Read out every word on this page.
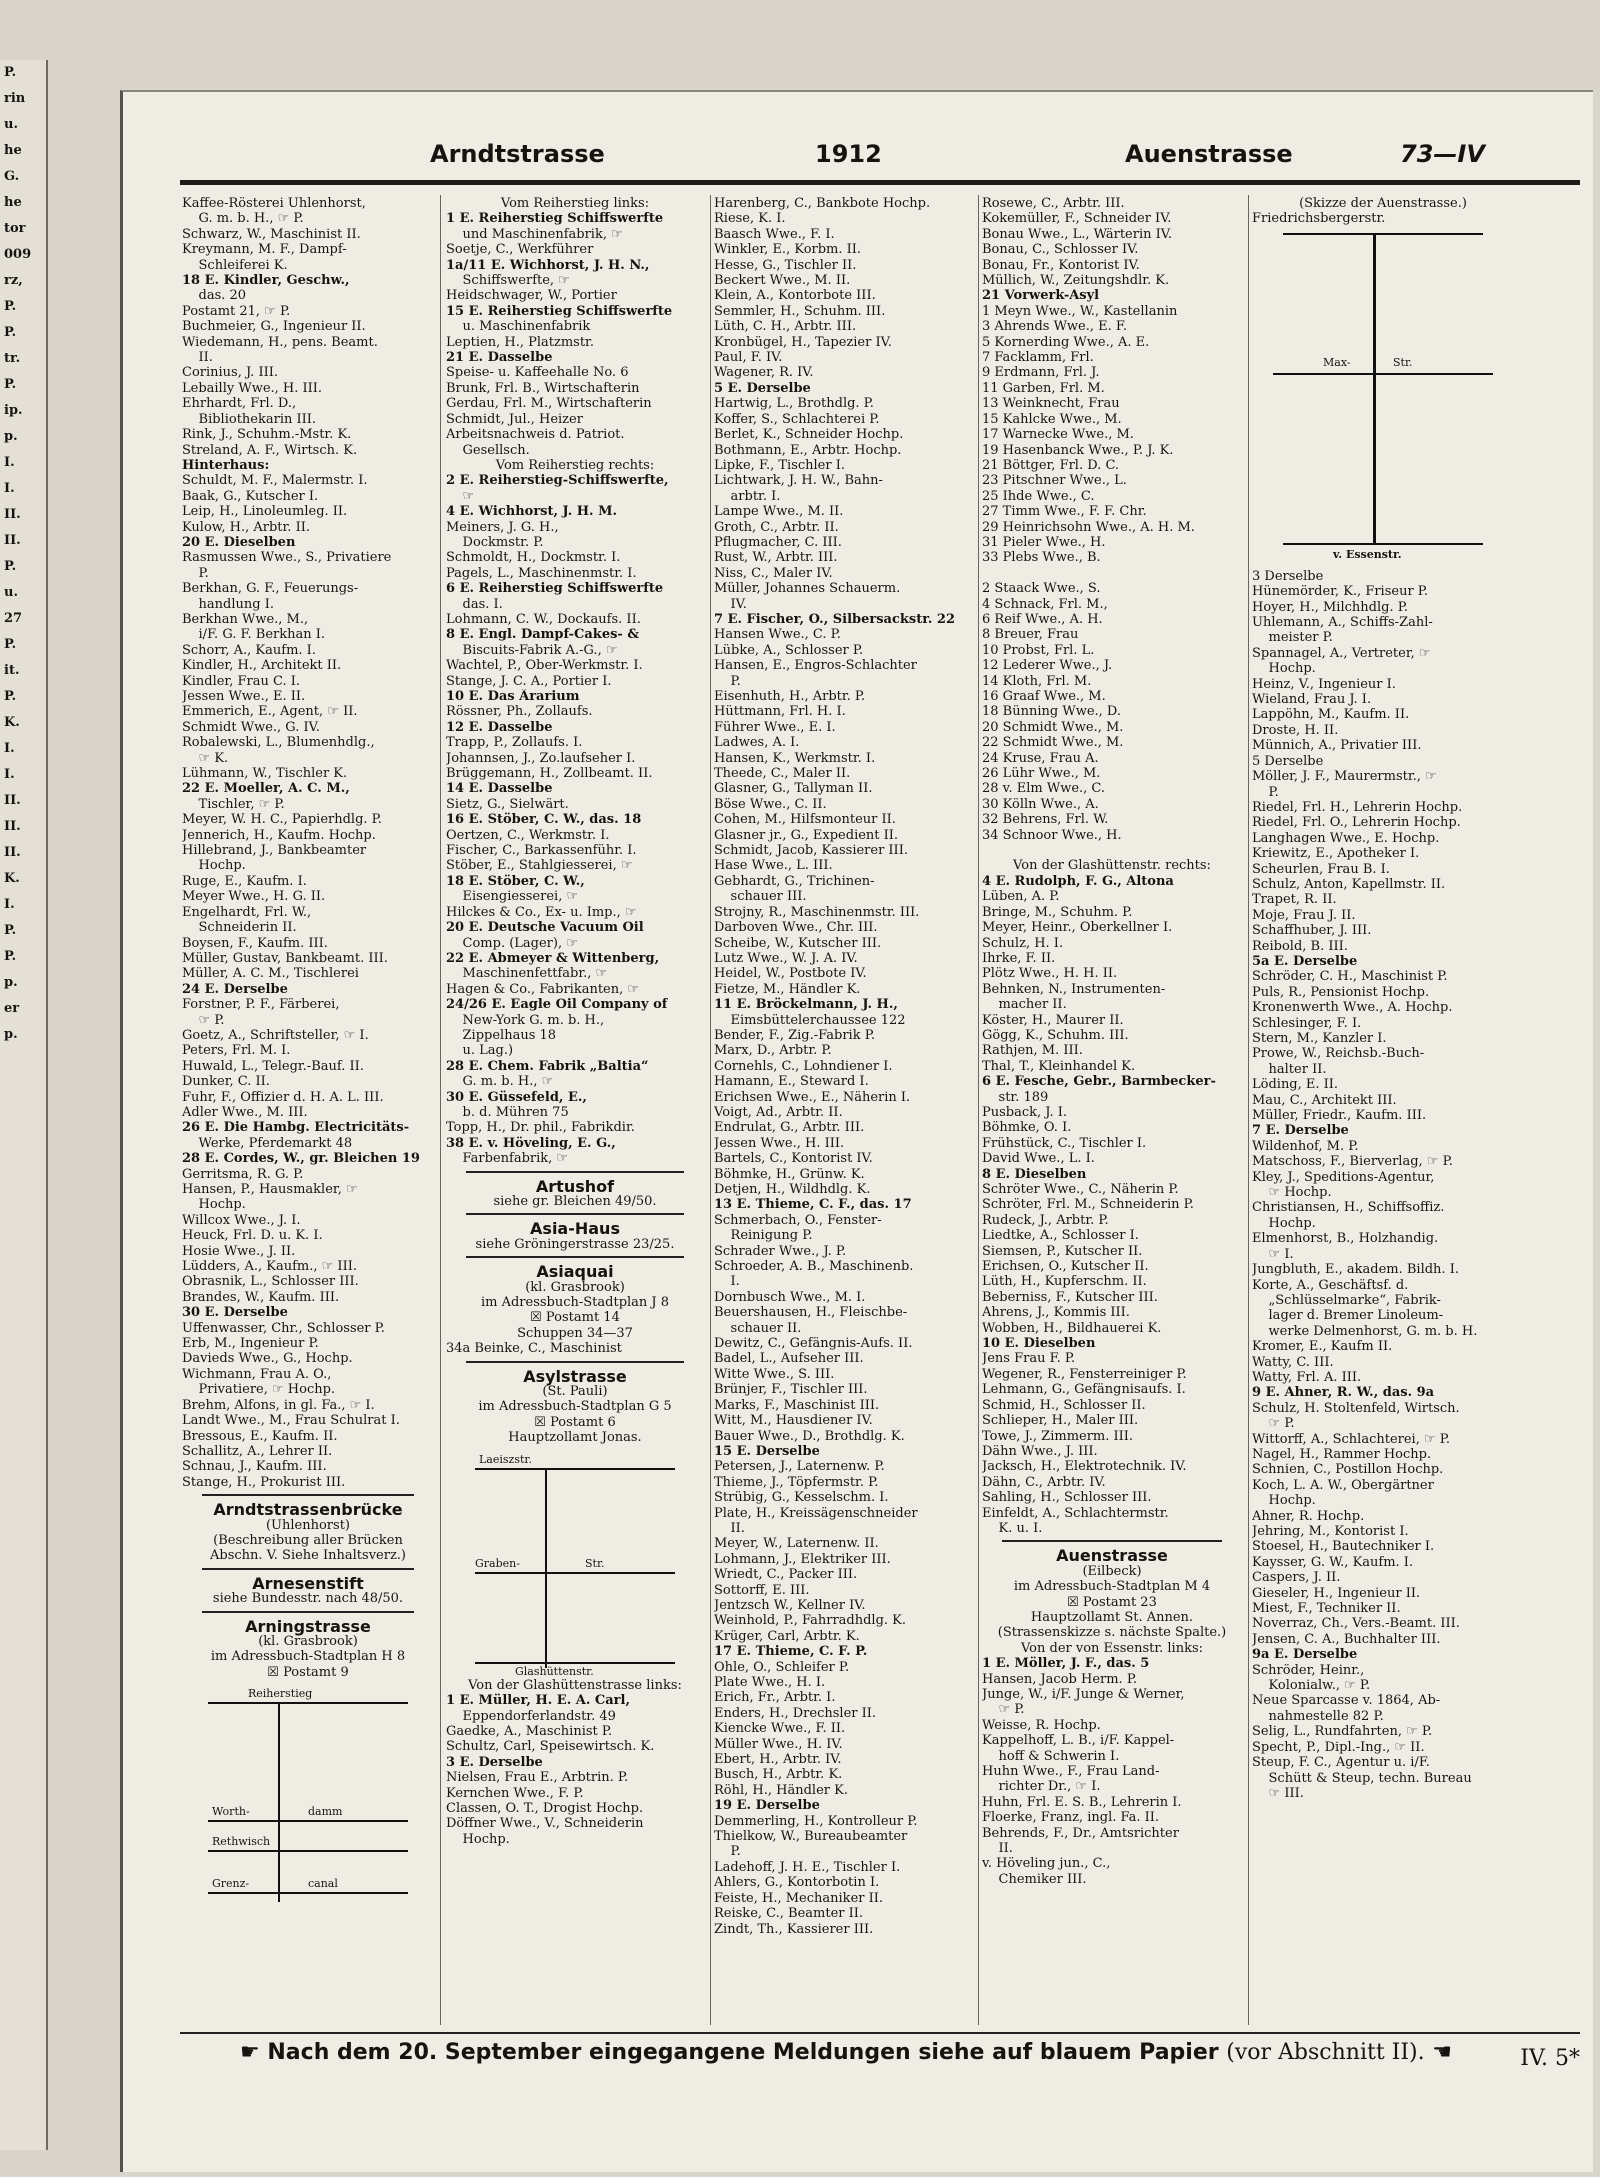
P.
rin
u.
he
G.
he
tor
009
rz,
P.
P.
tr.
P.
ip.
p.
I.
I.
II.
II.
P.
u.
27
P.
it.
P.
K.
I.
I.
II.
II.
II.
K.
I.
P.
P.
p.
er
p.
Arndtstrasse	1912	Auenstrasse	73—IV
Kaffee-Rösterei Uhlenhorst,
G. m. b. H., ☞ P.
Schwarz, W., Maschinist II.
Kreymann, M. F., Dampf-
Schleiferei K.
18 E. Kindler, Geschw.,
das. 20
Postamt 21, ☞ P.
Buchmeier, G., Ingenieur II.
Wiedemann, H., pens. Beamt.
II.
Corinius, J. III.
Lebailly Wwe., H. III.
Ehrhardt, Frl. D.,
Bibliothekarin III.
Rink, J., Schuhm.-Mstr. K.
Streland, A. F., Wirtsch. K.
Hinterhaus:
Schuldt, M. F., Malermstr. I.
Baak, G., Kutscher I.
Leip, H., Linoleumleg. II.
Kulow, H., Arbtr. II.
20 E. Dieselben
Rasmussen Wwe., S., Privatiere
P.
Berkhan, G. F., Feuerungs-
handlung I.
Berkhan Wwe., M.,
i/F. G. F. Berkhan I.
Schorr, A., Kaufm. I.
Kindler, H., Architekt II.
Kindler, Frau C. I.
Jessen Wwe., E. II.
Emmerich, E., Agent, ☞ II.
Schmidt Wwe., G. IV.
Robalewski, L., Blumenhdlg.,
☞ K.
Lühmann, W., Tischler K.
22 E. Moeller, A. C. M.,
Tischler, ☞ P.
Meyer, W. H. C., Papierhdlg. P.
Jennerich, H., Kaufm. Hochp.
Hillebrand, J., Bankbeamter
Hochp.
Ruge, E., Kaufm. I.
Meyer Wwe., H. G. II.
Engelhardt, Frl. W.,
Schneiderin II.
Boysen, F., Kaufm. III.
Müller, Gustav, Bankbeamt. III.
Müller, A. C. M., Tischlerei
24 E. Derselbe
Forstner, P. F., Färberei,
☞ P.
Goetz, A., Schriftsteller, ☞ I.
Peters, Frl. M. I.
Huwald, L., Telegr.-Bauf. II.
Dunker, C. II.
Fuhr, F., Offizier d. H. A. L. III.
Adler Wwe., M. III.
26 E. Die Hambg. Electricitäts-
Werke, Pferdemarkt 48
28 E. Cordes, W., gr. Bleichen 19
Gerritsma, R. G. P.
Hansen, P., Hausmakler, ☞
Hochp.
Willcox Wwe., J. I.
Heuck, Frl. D. u. K. I.
Hosie Wwe., J. II.
Lüdders, A., Kaufm., ☞ III.
Obrasnik, L., Schlosser III.
Brandes, W., Kaufm. III.
30 E. Derselbe
Uffenwasser, Chr., Schlosser P.
Erb, M., Ingenieur P.
Davieds Wwe., G., Hochp.
Wichmann, Frau A. O.,
Privatiere, ☞ Hochp.
Brehm, Alfons, in gl. Fa., ☞ I.
Landt Wwe., M., Frau Schulrat I.
Bressous, E., Kaufm. II.
Schallitz, A., Lehrer II.
Schnau, J., Kaufm. III.
Stange, H., Prokurist III.
Arndtstrassenbrücke
(Uhlenhorst)
(Beschreibung aller Brücken
Abschn. V. Siehe Inhaltsverz.)
Arnesenstift
siehe Bundesstr. nach 48/50.
Arningstrasse
(kl. Grasbrook)
im Adressbuch-Stadtplan H 8
☒ Postamt 9
Reiherstieg
Worth-	damm
Rethwisch
Grenz-	canal
Vom Reiherstieg links:
1 E. Reiherstieg Schiffswerfte
und Maschinenfabrik, ☞
Soetje, C., Werkführer
1a/11 E. Wichhorst, J. H. N.,
Schiffswerfte, ☞
Heidschwager, W., Portier
15 E. Reiherstieg Schiffswerfte
u. Maschinenfabrik
Leptien, H., Platzmstr.
21 E. Dasselbe
Speise- u. Kaffeehalle No. 6
Brunk, Frl. B., Wirtschafterin
Gerdau, Frl. M., Wirtschafterin
Schmidt, Jul., Heizer
Arbeitsnachweis d. Patriot.
Gesellsch.
Vom Reiherstieg rechts:
2 E. Reiherstieg-Schiffswerfte,
☞
4 E. Wichhorst, J. H. M.
Meiners, J. G. H.,
Dockmstr. P.
Schmoldt, H., Dockmstr. I.
Pagels, L., Maschinenmstr. I.
6 E. Reiherstieg Schiffswerfte
das. I.
Lohmann, C. W., Dockaufs. II.
8 E. Engl. Dampf-Cakes- &
Biscuits-Fabrik A.-G., ☞
Wachtel, P., Ober-Werkmstr. I.
Stange, J. C. A., Portier I.
10 E. Das Ärarium
Rössner, Ph., Zollaufs.
12 E. Dasselbe
Trapp, P., Zollaufs. I.
Johannsen, J., Zo.laufseher I.
Brüggemann, H., Zollbeamt. II.
14 E. Dasselbe
Sietz, G., Sielwärt.
16 E. Stöber, C. W., das. 18
Oertzen, C., Werkmstr. I.
Fischer, C., Barkassenführ. I.
Stöber, E., Stahlgiesserei, ☞
18 E. Stöber, C. W.,
Eisengiesserei, ☞
Hilckes & Co., Ex- u. Imp., ☞
20 E. Deutsche Vacuum Oil
Comp. (Lager), ☞
22 E. Abmeyer & Wittenberg,
Maschinenfettfabr., ☞
Hagen & Co., Fabrikanten, ☞
24/26 E. Eagle Oil Company of
New-York G. m. b. H.,
Zippelhaus 18
u. Lag.)
28 E. Chem. Fabrik „Baltia“
G. m. b. H., ☞
30 E. Güssefeld, E.,
b. d. Mühren 75
Topp, H., Dr. phil., Fabrikdir.
38 E. v. Höveling, E. G.,
Farbenfabrik, ☞
Artushof
siehe gr. Bleichen 49/50.
Asia-Haus
siehe Gröningerstrasse 23/25.
Asiaquai
(kl. Grasbrook)
im Adressbuch-Stadtplan J 8
☒ Postamt 14
Schuppen 34—37
34a Beinke, C., Maschinist
Asylstrasse
(St. Pauli)
im Adressbuch-Stadtplan G 5
☒ Postamt 6
Hauptzollamt Jonas.
Laeiszstr.
Graben-	Str.
Glashüttenstr.
Von der Glashüttenstrasse links:
1 E. Müller, H. E. A. Carl,
Eppendorferlandstr. 49
Gaedke, A., Maschinist P.
Schultz, Carl, Speisewirtsch. K.
3 E. Derselbe
Nielsen, Frau E., Arbtrin. P.
Kernchen Wwe., F. P.
Classen, O. T., Drogist Hochp.
Döffner Wwe., V., Schneiderin
Hochp.
Harenberg, C., Bankbote Hochp.
Riese, K. I.
Baasch Wwe., F. I.
Winkler, E., Korbm. II.
Hesse, G., Tischler II.
Beckert Wwe., M. II.
Klein, A., Kontorbote III.
Semmler, H., Schuhm. III.
Lüth, C. H., Arbtr. III.
Kronbügel, H., Tapezier IV.
Paul, F. IV.
Wagener, R. IV.
5 E. Derselbe
Hartwig, L., Brothdlg. P.
Koffer, S., Schlachterei P.
Berlet, K., Schneider Hochp.
Bothmann, E., Arbtr. Hochp.
Lipke, F., Tischler I.
Lichtwark, J. H. W., Bahn-
arbtr. I.
Lampe Wwe., M. II.
Groth, C., Arbtr. II.
Pflugmacher, C. III.
Rust, W., Arbtr. III.
Niss, C., Maler IV.
Müller, Johannes Schauerm.
IV.
7 E. Fischer, O., Silbersackstr. 22
Hansen Wwe., C. P.
Lübke, A., Schlosser P.
Hansen, E., Engros-Schlachter
P.
Eisenhuth, H., Arbtr. P.
Hüttmann, Frl. H. I.
Führer Wwe., E. I.
Ladwes, A. I.
Hansen, K., Werkmstr. I.
Theede, C., Maler II.
Glasner, G., Tallyman II.
Böse Wwe., C. II.
Cohen, M., Hilfsmonteur II.
Glasner jr., G., Expedient II.
Schmidt, Jacob, Kassierer III.
Hase Wwe., L. III.
Gebhardt, G., Trichinen-
schauer III.
Strojny, R., Maschinenmstr. III.
Darboven Wwe., Chr. III.
Scheibe, W., Kutscher III.
Lutz Wwe., W. J. A. IV.
Heidel, W., Postbote IV.
Fietze, M., Händler K.
11 E. Bröckelmann, J. H.,
Eimsbüttelerchaussee 122
Bender, F., Zig.-Fabrik P.
Marx, D., Arbtr. P.
Cornehls, C., Lohndiener I.
Hamann, E., Steward I.
Erichsen Wwe., E., Näherin I.
Voigt, Ad., Arbtr. II.
Endrulat, G., Arbtr. III.
Jessen Wwe., H. III.
Bartels, C., Kontorist IV.
Böhmke, H., Grünw. K.
Detjen, H., Wildhdlg. K.
13 E. Thieme, C. F., das. 17
Schmerbach, O., Fenster-
Reinigung P.
Schrader Wwe., J. P.
Schroeder, A. B., Maschinenb.
I.
Dornbusch Wwe., M. I.
Beuershausen, H., Fleischbe-
schauer II.
Dewitz, C., Gefängnis-Aufs. II.
Badel, L., Aufseher III.
Witte Wwe., S. III.
Brünjer, F., Tischler III.
Marks, F., Maschinist III.
Witt, M., Hausdiener IV.
Bauer Wwe., D., Brothdlg. K.
15 E. Derselbe
Petersen, J., Laternenw. P.
Thieme, J., Töpfermstr. P.
Strübig, G., Kesselschm. I.
Plate, H., Kreissägenschneider
II.
Meyer, W., Laternenw. II.
Lohmann, J., Elektriker III.
Wriedt, C., Packer III.
Sottorff, E. III.
Jentzsch W., Kellner IV.
Weinhold, P., Fahrradhdlg. K.
Krüger, Carl, Arbtr. K.
17 E. Thieme, C. F. P.
Ohle, O., Schleifer P.
Plate Wwe., H. I.
Erich, Fr., Arbtr. I.
Enders, H., Drechsler II.
Kiencke Wwe., F. II.
Müller Wwe., H. IV.
Ebert, H., Arbtr. IV.
Busch, H., Arbtr. K.
Röhl, H., Händler K.
19 E. Derselbe
Demmerling, H., Kontrolleur P.
Thielkow, W., Bureaubeamter
P.
Ladehoff, J. H. E., Tischler I.
Ahlers, G., Kontorbotin I.
Feiste, H., Mechaniker II.
Reiske, C., Beamter II.
Zindt, Th., Kassierer III.
Rosewe, C., Arbtr. III.
Kokemüller, F., Schneider IV.
Bonau Wwe., L., Wärterin IV.
Bonau, C., Schlosser IV.
Bonau, Fr., Kontorist IV.
Müllich, W., Zeitungshdlr. K.
21 Vorwerk-Asyl
1 Meyn Wwe., W., Kastellanin
3 Ahrends Wwe., E. F.
5 Kornerding Wwe., A. E.
7 Facklamm, Frl.
9 Erdmann, Frl. J.
11 Garben, Frl. M.
13 Weinknecht, Frau
15 Kahlcke Wwe., M.
17 Warnecke Wwe., M.
19 Hasenbanck Wwe., P. J. K.
21 Böttger, Frl. D. C.
23 Pitschner Wwe., L.
25 Ihde Wwe., C.
27 Timm Wwe., F. F. Chr.
29 Heinrichsohn Wwe., A. H. M.
31 Pieler Wwe., H.
33 Plebs Wwe., B.

2 Staack Wwe., S.
4 Schnack, Frl. M.,
6 Reif Wwe., A. H.
8 Breuer, Frau
10 Probst, Frl. L.
12 Lederer Wwe., J.
14 Kloth, Frl. M.
16 Graaf Wwe., M.
18 Bünning Wwe., D.
20 Schmidt Wwe., M.
22 Schmidt Wwe., M.
24 Kruse, Frau A.
26 Lühr Wwe., M.
28 v. Elm Wwe., C.
30 Kölln Wwe., A.
32 Behrens, Frl. W.
34 Schnoor Wwe., H.

Von der Glashüttenstr. rechts:
4 E. Rudolph, F. G., Altona
Lüben, A. P.
Bringe, M., Schuhm. P.
Meyer, Heinr., Oberkellner I.
Schulz, H. I.
Ihrke, F. II.
Plötz Wwe., H. H. II.
Behnken, N., Instrumenten-
macher II.
Köster, H., Maurer II.
Gögg, K., Schuhm. III.
Rathjen, M. III.
Thal, T., Kleinhandel K.
6 E. Fesche, Gebr., Barmbecker-
str. 189
Pusback, J. I.
Böhmke, O. I.
Frühstück, C., Tischler I.
David Wwe., L. I.
8 E. Dieselben
Schröter Wwe., C., Näherin P.
Schröter, Frl. M., Schneiderin P.
Rudeck, J., Arbtr. P.
Liedtke, A., Schlosser I.
Siemsen, P., Kutscher II.
Erichsen, O., Kutscher II.
Lüth, H., Kupferschm. II.
Beberniss, F., Kutscher III.
Ahrens, J., Kommis III.
Wobben, H., Bildhauerei K.
10 E. Dieselben
Jens Frau F. P.
Wegener, R., Fensterreiniger P.
Lehmann, G., Gefängnisaufs. I.
Schmid, H., Schlosser II.
Schlieper, H., Maler III.
Towe, J., Zimmerm. III.
Dähn Wwe., J. III.
Jacksch, H., Elektrotechnik. IV.
Dähn, C., Arbtr. IV.
Sahling, H., Schlosser III.
Einfeldt, A., Schlachtermstr.
K. u. I.
Auenstrasse
(Eilbeck)
im Adressbuch-Stadtplan M 4
☒ Postamt 23
Hauptzollamt St. Annen.
(Strassenskizze s. nächste Spalte.)
Von der von Essenstr. links:
1 E. Möller, J. F., das. 5
Hansen, Jacob Herm. P.
Junge, W., i/F. Junge & Werner,
☞ P.
Weisse, R. Hochp.
Kappelhoff, L. B., i/F. Kappel-
hoff & Schwerin I.
Huhn Wwe., F., Frau Land-
richter Dr., ☞ I.
Huhn, Frl. E. S. B., Lehrerin I.
Floerke, Franz, ingl. Fa. II.
Behrends, F., Dr., Amtsrichter
II.
v. Höveling jun., C.,
Chemiker III.
(Skizze der Auenstrasse.)
Friedrichsbergerstr.
Max-	Str.
v. Essenstr.
3 Derselbe
Hünemörder, K., Friseur P.
Hoyer, H., Milchhdlg. P.
Uhlemann, A., Schiffs-Zahl-
meister P.
Spannagel, A., Vertreter, ☞
Hochp.
Heinz, V., Ingenieur I.
Wieland, Frau J. I.
Lappöhn, M., Kaufm. II.
Droste, H. II.
Münnich, A., Privatier III.
5 Derselbe
Möller, J. F., Maurermstr., ☞
P.
Riedel, Frl. H., Lehrerin Hochp.
Riedel, Frl. O., Lehrerin Hochp.
Langhagen Wwe., E. Hochp.
Kriewitz, E., Apotheker I.
Scheurlen, Frau B. I.
Schulz, Anton, Kapellmstr. II.
Trapet, R. II.
Moje, Frau J. II.
Schaffhuber, J. III.
Reibold, B. III.
5a E. Derselbe
Schröder, C. H., Maschinist P.
Puls, R., Pensionist Hochp.
Kronenwerth Wwe., A. Hochp.
Schlesinger, F. I.
Stern, M., Kanzler I.
Prowe, W., Reichsb.-Buch-
halter II.
Löding, E. II.
Mau, C., Architekt III.
Müller, Friedr., Kaufm. III.
7 E. Derselbe
Wildenhof, M. P.
Matschoss, F., Bierverlag, ☞ P.
Kley, J., Speditions-Agentur,
☞ Hochp.
Christiansen, H., Schiffsoffiz.
Hochp.
Elmenhorst, B., Holzhandig.
☞ I.
Jungbluth, E., akadem. Bildh. I.
Korte, A., Geschäftsf. d.
„Schlüsselmarke“, Fabrik-
lager d. Bremer Linoleum-
werke Delmenhorst, G. m. b. H.
Kromer, E., Kaufm II.
Watty, C. III.
Watty, Frl. A. III.
9 E. Ahner, R. W., das. 9a
Schulz, H. Stoltenfeld, Wirtsch.
☞ P.
Wittorff, A., Schlachterei, ☞ P.
Nagel, H., Rammer Hochp.
Schnien, C., Postillon Hochp.
Koch, L. A. W., Obergärtner
Hochp.
Ahner, R. Hochp.
Jehring, M., Kontorist I.
Stoesel, H., Bautechniker I.
Kaysser, G. W., Kaufm. I.
Caspers, J. II.
Gieseler, H., Ingenieur II.
Miest, F., Techniker II.
Noverraz, Ch., Vers.-Beamt. III.
Jensen, C. A., Buchhalter III.
9a E. Derselbe
Schröder, Heinr.,
Kolonialw., ☞ P.
Neue Sparcasse v. 1864, Ab-
nahmestelle 82 P.
Selig, L., Rundfahrten, ☞ P.
Specht, P., Dipl.-Ing., ☞ II.
Steup, F. C., Agentur u. i/F.
Schütt & Steup, techn. Bureau
☞ III.
☛ Nach dem 20. September eingegangene Meldungen siehe auf blauem Papier (vor Abschnitt II). ☚	IV. 5*
